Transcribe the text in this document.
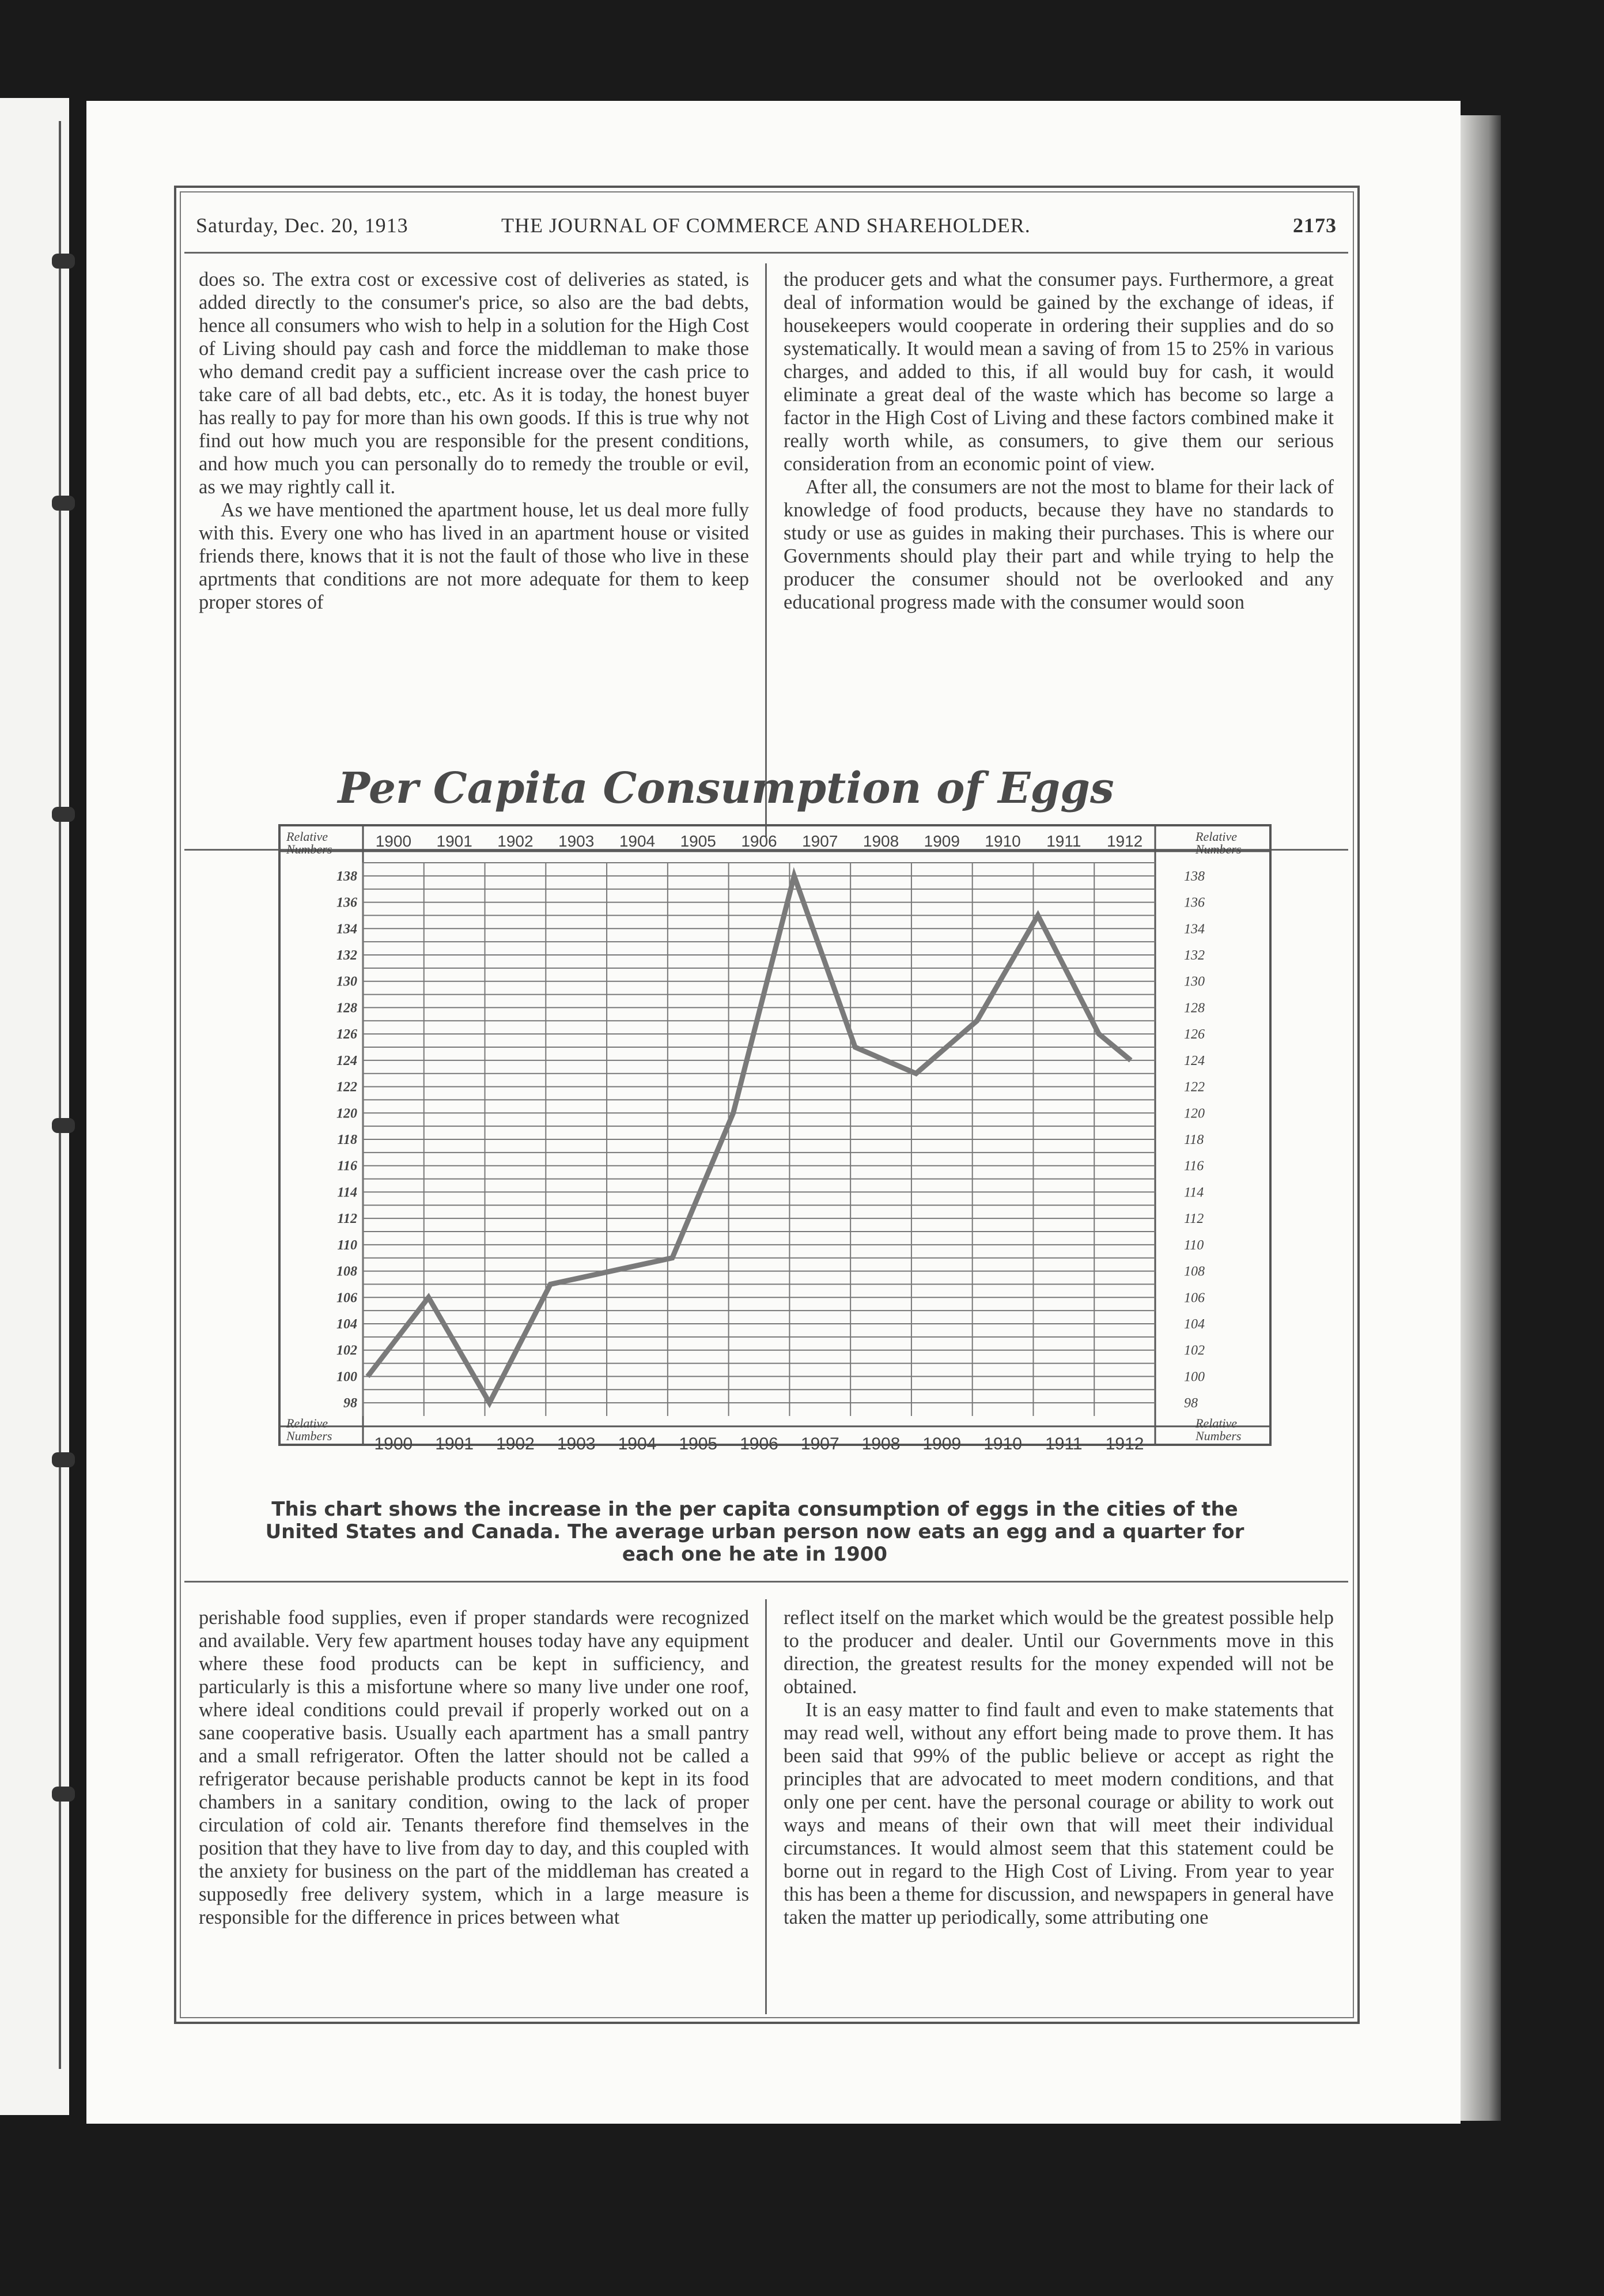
Saturday, Dec. 20, 1913	THE JOURNAL OF COMMERCE AND SHAREHOLDER.	2173

does so. The extra cost or excessive cost of deliveries as stated, is added directly to the consumer's price, so also are the bad debts, hence all consumers who wish to help in a solution for the High Cost of Living should pay cash and force the middleman to make those who demand credit pay a sufficient increase over the cash price to take care of all bad debts, etc., etc. As it is today, the honest buyer has really to pay for more than his own goods. If this is true why not find out how much you are responsible for the present conditions, and how much you can personally do to remedy the trouble or evil, as we may rightly call it.

As we have mentioned the apartment house, let us deal more fully with this. Every one who has lived in an apartment house or visited friends there, knows that it is not the fault of those who live in these aprtments that conditions are not more adequate for them to keep proper stores of

the producer gets and what the consumer pays. Furthermore, a great deal of information would be gained by the exchange of ideas, if housekeepers would cooperate in ordering their supplies and do so systematically. It would mean a saving of from 15 to 25% in various charges, and added to this, if all would buy for cash, it would eliminate a great deal of the waste which has become so large a factor in the High Cost of Living and these factors combined make it really worth while, as consumers, to give them our serious consideration from an economic point of view.

After all, the consumers are not the most to blame for their lack of knowledge of food products, because they have no standards to study or use as guides in making their purchases. This is where our Governments should play their part and while trying to help the producer the consumer should not be overlooked and any educational progress made with the consumer would soon

Per Capita Consumption of Eggs
Relative Numbers
Relative Numbers
Relative Numbers
Relative Numbers
98	98
100	100
102	102
104	104
106	106
108	108
110	110
112	112
114	114
116	116
118	118
120	120
122	122
124	124
126	126
128	128
130	130
132	132
134	134
136	136
138	138
1900
1900
1901
1901
1902
1902
1903
1903
1904
1904
1905
1905
1906
1906
1907
1907
1908
1908
1909
1909
1910
1910
1911
1911
1912
1912

This chart shows the increase in the per capita consumption of eggs in the cities of the United States and Canada. The average urban person now eats an egg and a quarter for each one he ate in 1900

perishable food supplies, even if proper standards were recognized and available. Very few apartment houses today have any equipment where these food products can be kept in sufficiency, and particularly is this a misfortune where so many live under one roof, where ideal conditions could prevail if properly worked out on a sane cooperative basis. Usually each apartment has a small pantry and a small refrigerator. Often the latter should not be called a refrigerator because perishable products cannot be kept in its food chambers in a sanitary condition, owing to the lack of proper circulation of cold air. Tenants therefore find themselves in the position that they have to live from day to day, and this coupled with the anxiety for business on the part of the middleman has created a supposedly free delivery system, which in a large measure is responsible for the difference in prices between what

reflect itself on the market which would be the greatest possible help to the producer and dealer. Until our Governments move in this direction, the greatest results for the money expended will not be obtained.

It is an easy matter to find fault and even to make statements that may read well, without any effort being made to prove them. It has been said that 99% of the public believe or accept as right the principles that are advocated to meet modern conditions, and that only one per cent. have the personal courage or ability to work out ways and means of their own that will meet their individual circumstances. It would almost seem that this statement could be borne out in regard to the High Cost of Living. From year to year this has been a theme for discussion, and newspapers in general have taken the matter up periodically, some attributing one
